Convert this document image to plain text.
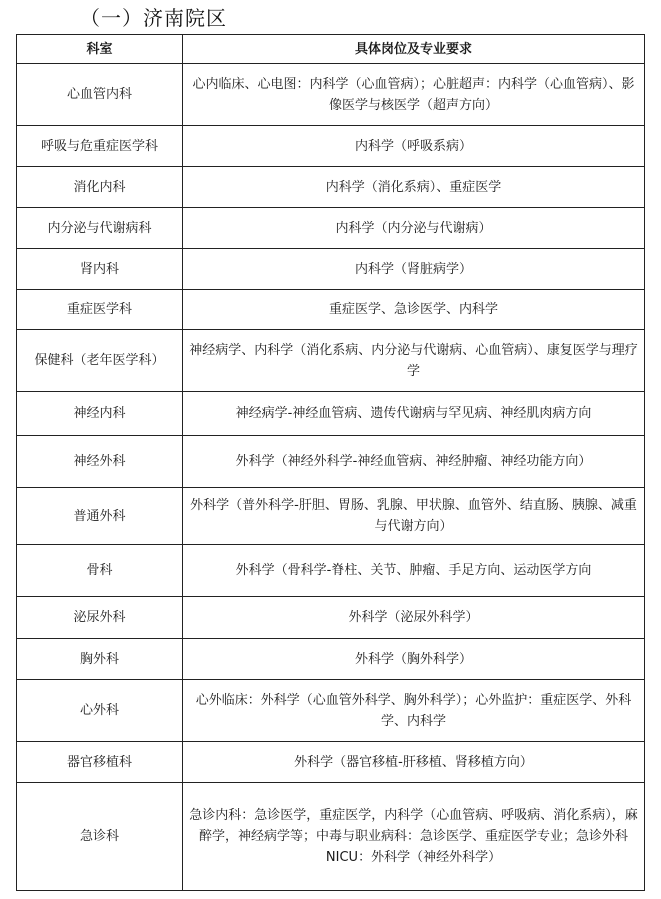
（一）济南院区
科室	具体岗位及专业要求
心血管内科	心内临床、心电图：内科学（心血管病）；心脏超声：内科学（心血管病）、影像医学与核医学（超声方向）
呼吸与危重症医学科	内科学（呼吸系病）
消化内科	内科学（消化系病）、重症医学
内分泌与代谢病科	内科学（内分泌与代谢病）
肾内科	内科学（肾脏病学）
重症医学科	重症医学、急诊医学、内科学
保健科（老年医学科）	神经病学、内科学（消化系病、内分泌与代谢病、心血管病）、康复医学与理疗学
神经内科	神经病学-神经血管病、遗传代谢病与罕见病、神经肌肉病方向
神经外科	外科学（神经外科学-神经血管病、神经肿瘤、神经功能方向）
普通外科	外科学（普外科学-肝胆、胃肠、乳腺、甲状腺、血管外、结直肠、胰腺、减重与代谢方向）
骨科	外科学（骨科学-脊柱、关节、肿瘤、手足方向、运动医学方向
泌尿外科	外科学（泌尿外科学）
胸外科	外科学（胸外科学）
心外科	心外临床：外科学（心血管外科学、胸外科学）；心外监护：重症医学、外科学、内科学
器官移植科	外科学（器官移植-肝移植、肾移植方向）
急诊科	急诊内科：急诊医学，重症医学，内科学（心血管病、呼吸病、消化系病），麻醉学，神经病学等；中毒与职业病科：急诊医学、重症医学专业；急诊外科 NICU：外科学（神经外科学）
